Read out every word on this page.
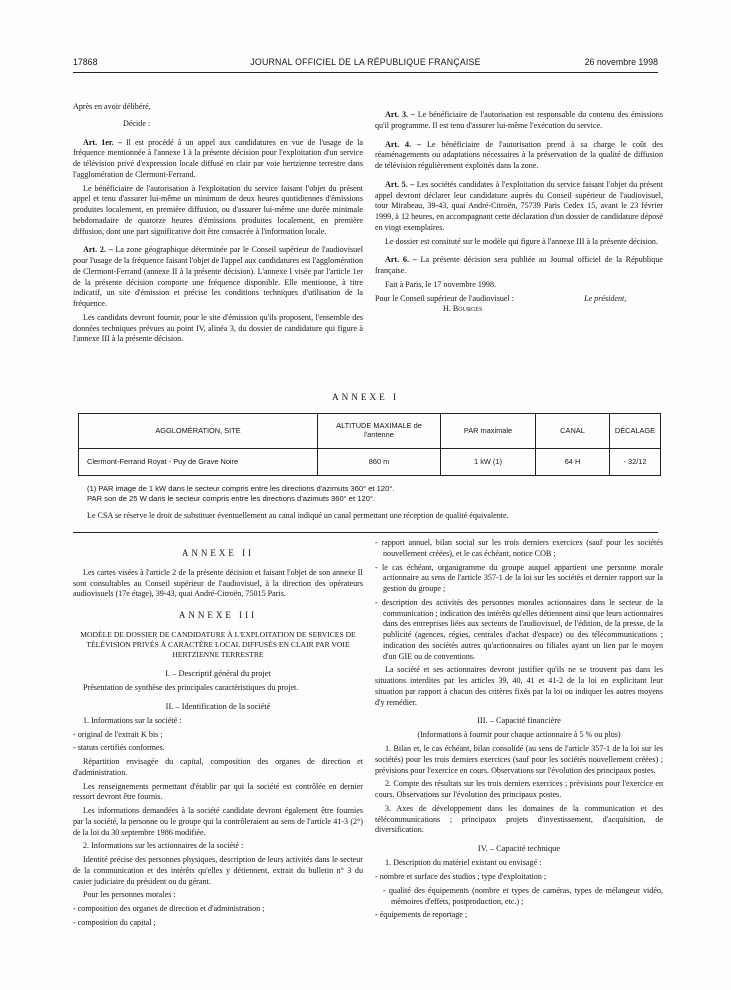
17868	JOURNAL OFFICIEL DE LA RÉPUBLIQUE FRANÇAISE	26 novembre 1998

Après en avoir délibéré,

Décide :

Art. 1er. – Il est procédé à un appel aux candidatures en vue de l'usage de la fréquence mentionnée à l'annexe I à la présente décision pour l'exploitation d'un service de télévision privé d'expression locale diffusé en clair par voie hertzienne terrestre dans l'agglomération de Clermont-Ferrand.

Le bénéficiaire de l'autorisation à l'exploitation du service faisant l'objet du présent appel et tenu d'assurer lui-même un minimum de deux heures quotidiennes d'émissions produites localement, en première diffusion, ou d'assurer lui-même une durée minimale hebdomadaire de quatorze heures d'émissions produites localement, en première diffusion, dont une part significative doit être consacrée à l'information locale.

Art. 2. – La zone géographique déterminée par le Conseil supérieur de l'audiovisuel pour l'usage de la fréquence faisant l'objet de l'appel aux candidatures est l'agglomération de Clermont-Ferrand (annexe II à la présente décision). L'annexe I visée par l'article 1er de la présente décision comporte une fréquence disponible. Elle mentionne, à titre indicatif, un site d'émission et précise les conditions techniques d'utilisation de la fréquence.

Les candidats devront fournir, pour le site d'émission qu'ils proposent, l'ensemble des données techniques prévues au point IV, alinéa 3, du dossier de candidature qui figure à l'annexe III à la présente décision.

Art. 3. – Le bénéficiaire de l'autorisation est responsable du contenu des émissions qu'il programme. Il est tenu d'assurer lui-même l'exécution du service.

Art. 4. – Le bénéficiaire de l'autorisation prend à sa charge le coût des réaménagements ou adaptations nécessaires à la préservation de la qualité de diffusion de télévision régulièrement exploités dans la zone.

Art. 5. – Les sociétés candidates à l'exploitation du service faisant l'objet du présent appel devront déclarer leur candidature auprès du Conseil supérieur de l'audiovisuel, tour Mirabeau, 39-43, quai André-Citroën, 75739 Paris Cedex 15, avant le 23 février 1999, à 12 heures, en accompagnant cette déclaration d'un dossier de candidature déposé en vingt exemplaires.

Le dossier est consituté sur le modèle qui figure à l'annexe III à la présente décision.

Art. 6. – La présente décision sera publiée au Journal officiel de la République française.

Fait à Paris, le 17 novembre 1998.

Pour le Conseil supérieur de l'audiovisuel :	Le président, H. Bourges
ANNEXE I
AGGLOMÉRATION, SITE	ALTITUDE MAXIMALE de l'antenne	PAR maximale	CANAL	DÉCALAGE
Clermont-Ferrand Royat - Puy de Grave Noire	860 m	1 kW (1)	64 H	- 32/12
(1) PAR image de 1 kW dans le secteur compris entre les directions d'azimuts 360° et 120°.
PAR son de 25 W dans le secteur compris entre les directions d'azimuts 360° et 120°.
Le CSA se réserve le droit de substituer éventuellement au canal indiqué un canal permettant une réception de qualité équivalente.
ANNEXE II

Les cartes visées à l'article 2 de la présente décision et faisant l'objet de son annexe II sont consultables au Conseil supérieur de l'audiovisuel, à la direction des opérateurs audiovisuels (17e étage), 39-43, quai André-Citroën, 75015 Paris.

ANNEXE III
MODÈLE DE DOSSIER DE CANDIDATURE À L'EXPLOITATION DE SERVICES DE TÉLÉVISION PRIVÉS À CARACTÈRE LOCAL DIFFUSÉS EN CLAIR PAR VOIE HERTZIENNE TERRESTRE
I. – Descriptif général du projet

Présentation de synthèse des principales caractéristiques du projet.

II. – Identification de la société

1. Informations sur la société :

- original de l'extrait K bis ;

- statuts certifiés conformes.

Répartition envisagée du capital, composition des organes de direction et d'administration.

Les renseignements permettant d'établir par qui la société est contrôlée en dernier ressort devront être fournis.

Les informations demandées à la société candidate devront également être fournies par la société, la personne ou le groupe qui la contrôleraient au sens de l'article 41-3 (2°) de la loi du 30 septembre 1986 modifiée.

2. Informations sur les actionnaires de la société :

Identité précise des personnes physiques, description de leurs activités dans le secteur de la communication et des intérêts qu'elles y détiennent, extrait du bulletin n° 3 du casier judiciaire du président ou du gérant.

Pour les personnes morales :

- composition des organes de direction et d'administration ;

- composition du capital ;

- rapport annuel, bilan social sur les trois derniers exercices (sauf pour les sociétés nouvellement créées), et le cas échéant, notice COB ;

- le cas échéant, organigramme du groupe auquel appartient une personne morale actionnaire au sens de l'article 357-1 de la loi sur les sociétés et dernier rapport sur la gestion du groupe ;

- description des activités des personnes morales actionnaires dans le secteur de la communication ; indication des intérêts qu'elles détiennent ainsi que leurs actionnaires dans des entreprises liées aux secteurs de l'audiovisuel, de l'édition, de la presse, de la publicité (agences, régies, centrales d'achat d'espace) ou des télécommunications ; indication des sociétés autres qu'actionnaires ou filiales ayant un lien par le moyen d'un GIE ou de conventions.

La société et ses actionnaires devront justifier qu'ils ne se trouvent pas dans les situations interdites par les articles 39, 40, 41 et 41-2 de la loi en explicitant leur situation par rapport à chacun des critères fixés par la loi ou indiquer les autres moyens d'y remédier.

III. – Capacité financière

(Informations à fournir pour chaque actionnaire à 5 % ou plus)

1. Bilan et, le cas échéant, bilan consolidé (au sens de l'article 357-1 de la loi sur les sociétés) pour les trois derniers exercices (sauf pour les sociétés nouvellement créées) ; prévisions pour l'exercice en cours. Observations sur l'évolution des principaux postes.

2. Compte des résultats sur les trois derniers exercices ; prévisions pour l'exercice en cours. Observations sur l'évolution des principaux postes.

3. Axes de développement dans les domaines de la communication et des télécommunications ; principaux projets d'investissement, d'acquisition, de diversification.

IV. – Capacité technique

1. Description du matériel existant ou envisagé :

- nombre et surface des studios ; type d'exploitation ;

- qualité des équipements (nombre et types de caméras, types de mélangeur vidéo, mémoires d'effets, postproduction, etc.) ;

- équipements de reportage ;
